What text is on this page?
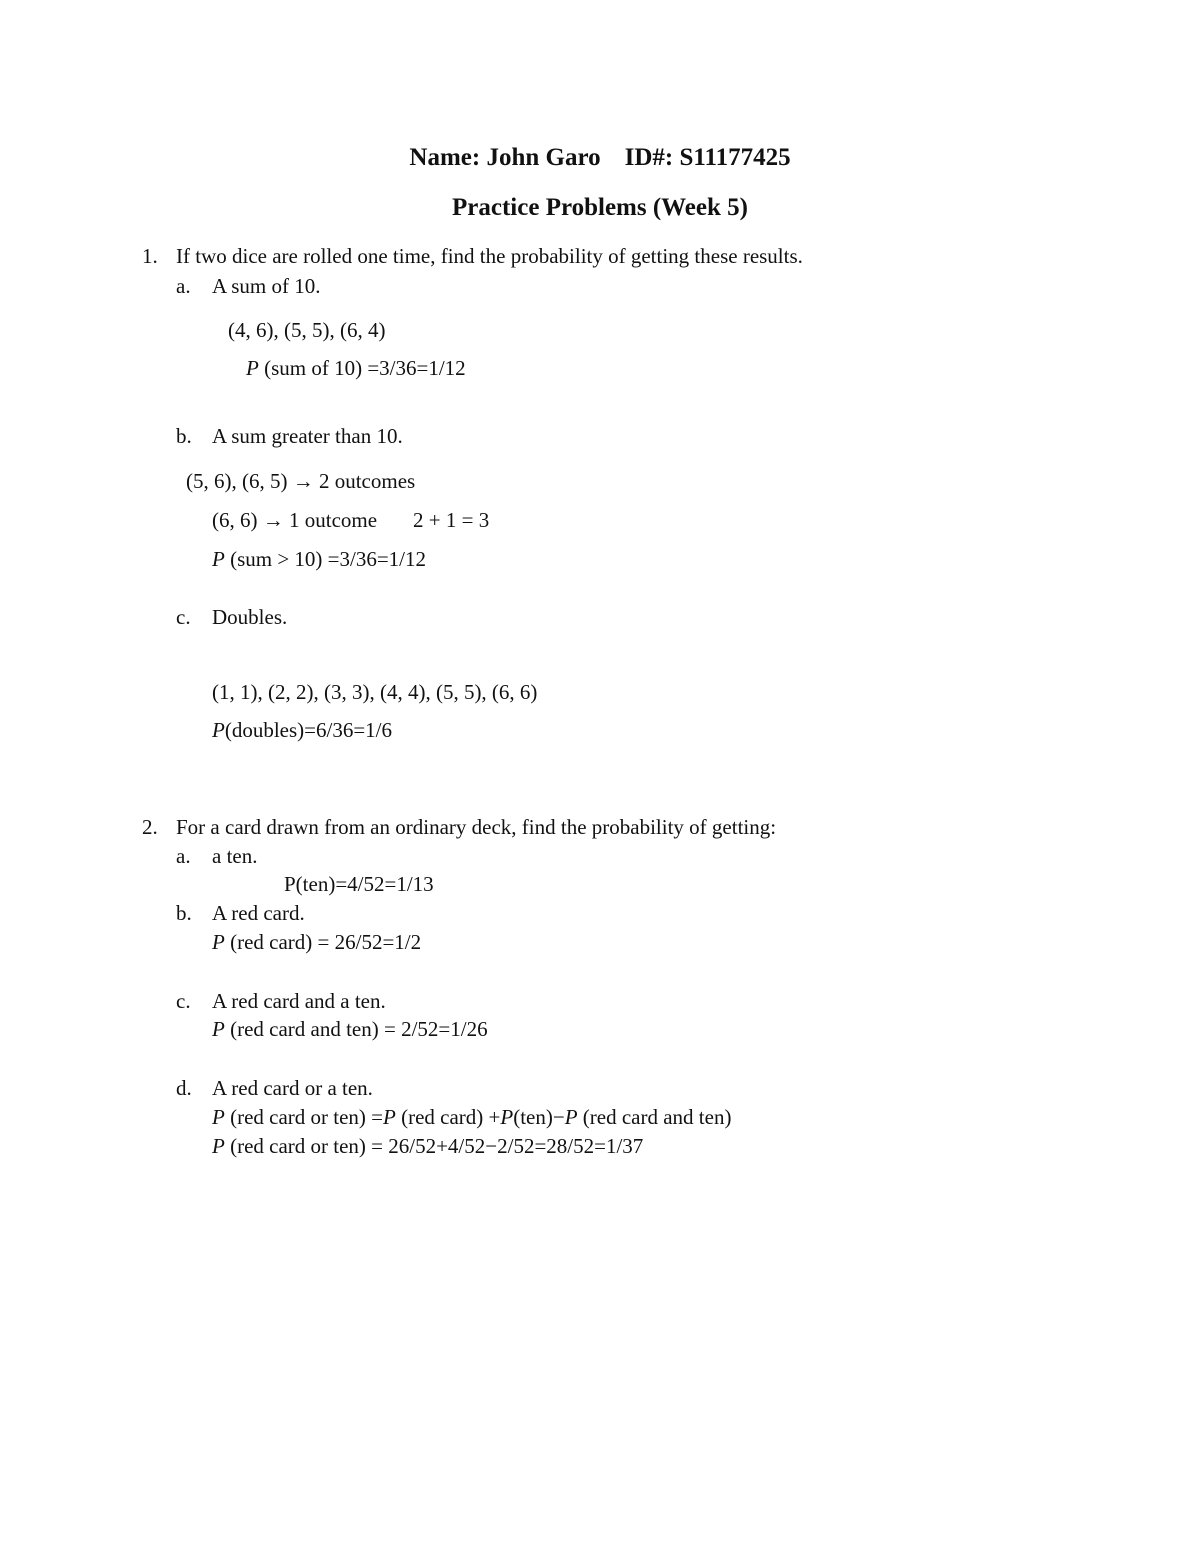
Name: John Garo ID#: S11177425
Practice Problems (Week 5)
1. If two dice are rolled one time, find the probability of getting these results.
a. A sum of 10.
(4, 6), (5, 5), (6, 4)
P (sum of 10) =3/36=1/12
b. A sum greater than 10.
(5, 6), (6, 5) → 2 outcomes
(6, 6) → 1 outcome 2 + 1 = 3
P (sum > 10) =3/36=1/12
c. Doubles.
(1, 1), (2, 2), (3, 3), (4, 4), (5, 5), (6, 6)
P(doubles)=6/36=1/6
2. For a card drawn from an ordinary deck, find the probability of getting:
a. a ten.
P(ten)=4/52=1/13
b. A red card.
P (red card) = 26/52=1/2
c. A red card and a ten.
P (red card and ten) = 2/52=1/26
d. A red card or a ten.
P (red card or ten) =P (red card) +P(ten)−P (red card and ten)
P (red card or ten) = 26/52+4/52−2/52=28/52=1/37
